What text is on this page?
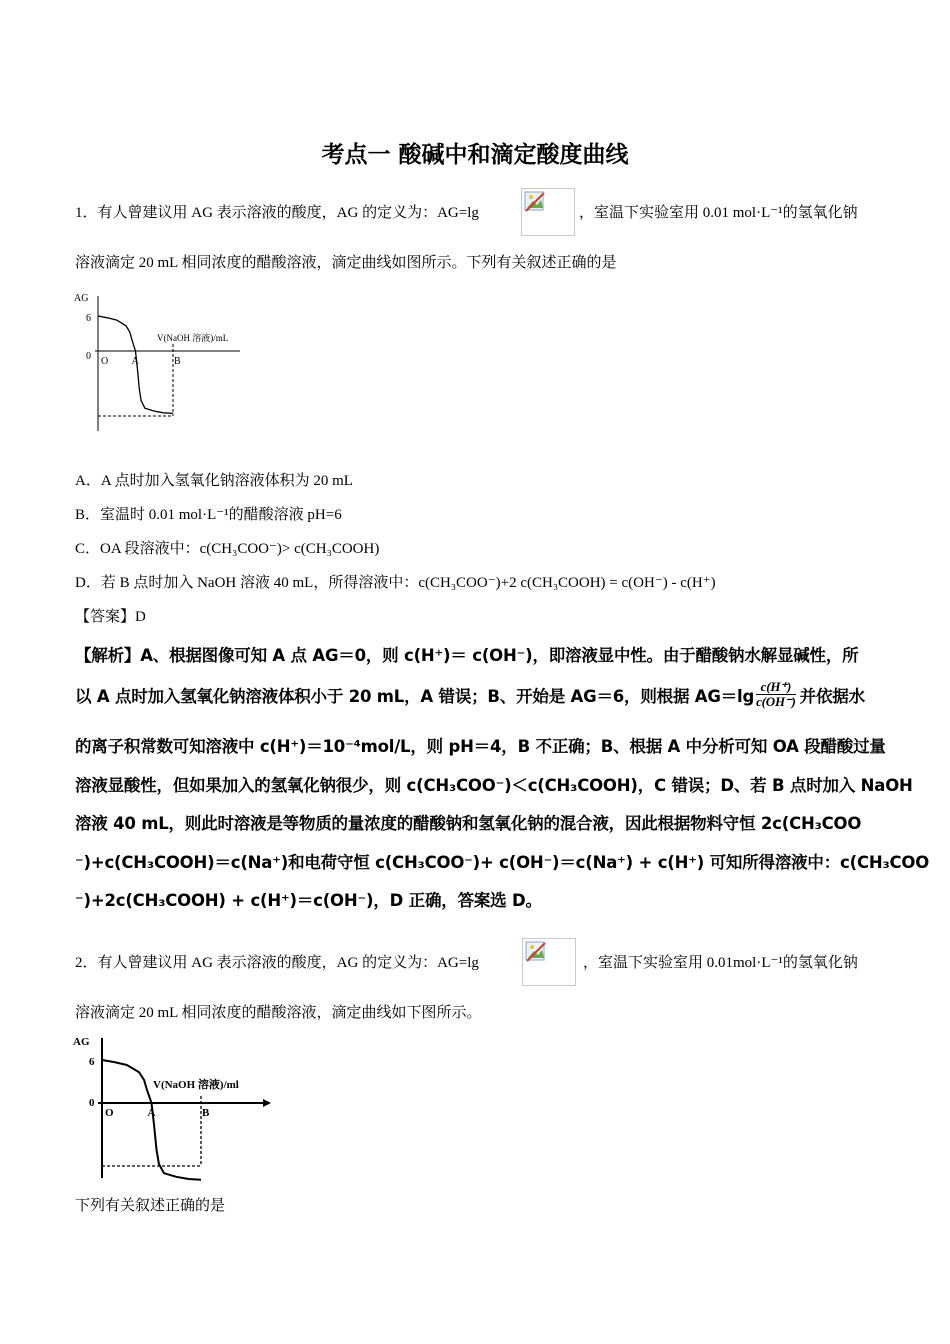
考点一 酸碱中和滴定酸度曲线
1．有人曾建议用 AG 表示溶液的酸度，AG 的定义为：AG=lg	，室温下实验室用 0.01 mol·L⁻¹的氢氧化钠
溶液滴定 20 mL 相同浓度的醋酸溶液，滴定曲线如图所示。下列有关叙述正确的是
AG
6
0
V(NaOH 溶液)/mL
O A	B
A．A 点时加入氢氧化钠溶液体积为 20 mL
B．室温时 0.01 mol·L⁻¹的醋酸溶液 pH=6
C．OA 段溶液中：c(CH₃COO⁻)> c(CH₃COOH)
D．若 B 点时加入 NaOH 溶液 40 mL，所得溶液中：c(CH₃COO⁻)+2 c(CH₃COOH) = c(OH⁻) - c(H⁺)
【答案】D
【解析】A、根据图像可知 A 点 AG＝0，则 c(H⁺)＝ c(OH⁻)，即溶液显中性。由于醋酸钠水解显碱性，所
以 A 点时加入氢氧化钠溶液体积小于 20 mL，A 错误；B、开始是 AG＝6，则根据 $AG=\lg \frac{c(H^+)}{c(OH^-)}$ 并依据水
的离子积常数可知溶液中 c(H⁺)＝10⁻⁴mol/L，则 pH＝4，B 不正确；B、根据 A 中分析可知 OA 段醋酸过量
溶液显酸性，但如果加入的氢氧化钠很少，则 c(CH₃COO⁻)＜c(CH₃COOH)，C 错误；D、若 B 点时加入 NaOH
溶液 40 mL，则此时溶液是等物质的量浓度的醋酸钠和氢氧化钠的混合液，因此根据物料守恒 2c(CH₃COO
⁻)+c(CH₃COOH)＝c(Na⁺)和电荷守恒 c(CH₃COO⁻)+ c(OH⁻)＝c(Na⁺) + c(H⁺) 可知所得溶液中：c(CH₃COO
⁻)+2c(CH₃COOH) + c(H⁺)＝c(OH⁻)，D 正确，答案选 D。
2．有人曾建议用 AG 表示溶液的酸度，AG 的定义为：AG=lg	，室温下实验室用 0.01mol·L⁻¹的氢氧化钠
溶液滴定 20 mL 相同浓度的醋酸溶液，滴定曲线如下图所示。
AG
6
0
V(NaOH 溶液)/ml
O	A	B
下列有关叙述正确的是
